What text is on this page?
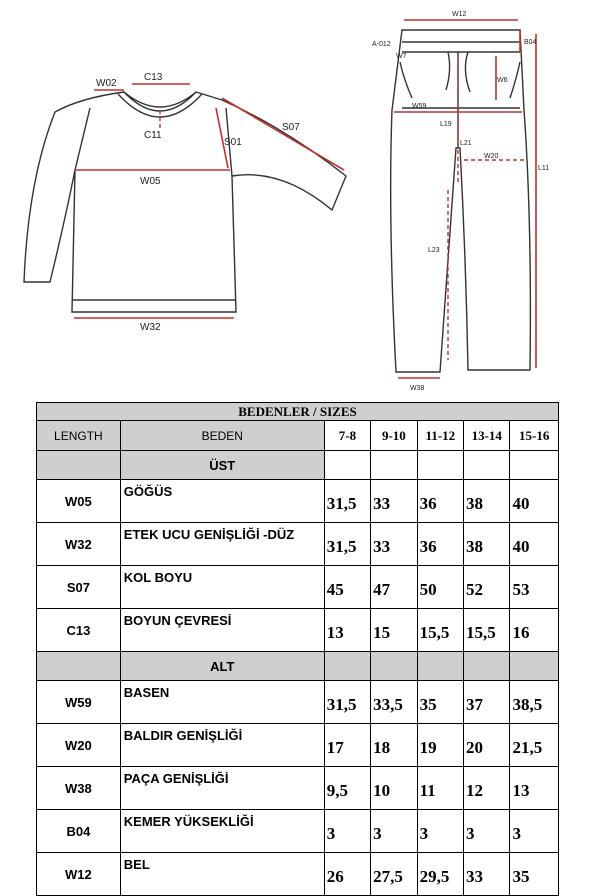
W02
C13
C11
S01
S07
W05
W32
W12
B04
A-012
W7
W6
W59
L19
L21
W20
L11
L23
W38
BEDENLER / SIZES						
LENGTH	BEDEN	7-8	9-10	11-12	13-14	15-16
	ÜST					
W05	GÖĞÜS	31,5	33	36	38	40
W32	ETEK UCU GENİŞLİĞİ -DÜZ	31,5	33	36	38	40
S07	KOL BOYU	45	47	50	52	53
C13	BOYUN ÇEVRESİ	13	15	15,5	15,5	16
	ALT					
W59	BASEN	31,5	33,5	35	37	38,5
W20	BALDIR GENİŞLİĞİ	17	18	19	20	21,5
W38	PAÇA GENİŞLİĞİ	9,5	10	11	12	13
B04	KEMER YÜKSEKLİĞİ	3	3	3	3	3
W12	BEL	26	27,5	29,5	33	35
